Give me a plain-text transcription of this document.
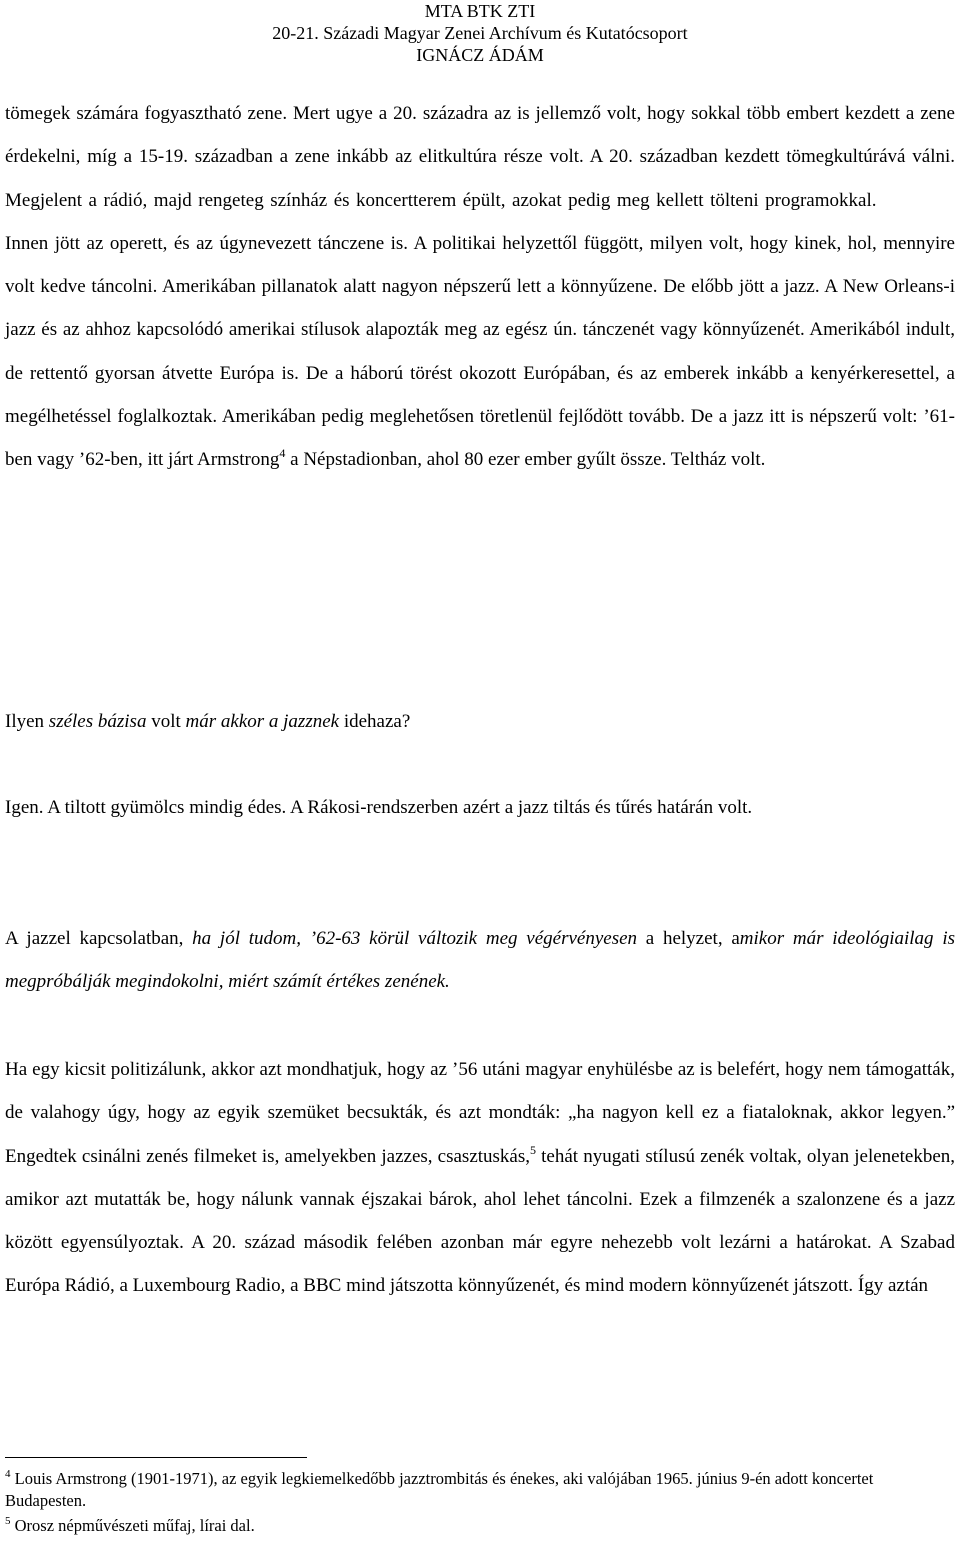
MTA BTK ZTI
20-21. Századi Magyar Zenei Archívum és Kutatócsoport
IGNÁCZ ÁDÁM

tömegek számára fogyasztható zene. Mert ugye a 20. századra az is jellemző volt, hogy sokkal több embert kezdett a zene érdekelni, míg a 15-19. században a zene inkább az elitkultúra része volt. A 20. században kezdett tömegkultúrává válni. Megjelent a rádió, majd rengeteg színház és koncertterem épült, azokat pedig meg kellett tölteni programokkal. Innen jött az operett, és az úgynevezett tánczene is. A politikai helyzettől függött, milyen volt, hogy kinek, hol, mennyire volt kedve táncolni. Amerikában pillanatok alatt nagyon népszerű lett a könnyűzene. De előbb jött a jazz. A New Orleans-i jazz és az ahhoz kapcsolódó amerikai stílusok alapozták meg az egész ún. tánczenét vagy könnyűzenét. Amerikából indult, de rettentő gyorsan átvette Európa is. De a háború törést okozott Európában, és az emberek inkább a kenyérkeresettel, a megélhetéssel foglalkoztak. Amerikában pedig meglehetősen töretlenül fejlődött tovább. De a jazz itt is népszerű volt: ’61-ben vagy ’62-ben, itt járt Armstrong$^4$ a Népstadionban, ahol 80 ezer ember gyűlt össze. Teltház volt.

Ilyen széles bázisa volt már akkor a jazznek idehaza?

Igen. A tiltott gyümölcs mindig édes. A Rákosi-rendszerben azért a jazz tiltás és tűrés határán volt.

A jazzel kapcsolatban, ha jól tudom, ’62-63 körül változik meg végérvényesen a helyzet, amikor már ideológiailag is megpróbálják megindokolni, miért számít értékes zenének.

Ha egy kicsit politizálunk, akkor azt mondhatjuk, hogy az ’56 utáni magyar enyhülésbe az is belefért, hogy nem támogatták, de valahogy úgy, hogy az egyik szemüket becsukták, és azt mondták: „ha nagyon kell ez a fiataloknak, akkor legyen.” Engedtek csinálni zenés filmeket is, amelyekben jazzes, csasztuskás,$^5$ tehát nyugati stílusú zenék voltak, olyan jelenetekben, amikor azt mutatták be, hogy nálunk vannak éjszakai bárok, ahol lehet táncolni. Ezek a filmzenék a szalonzene és a jazz között egyensúlyoztak. A 20. század második felében azonban már egyre nehezebb volt lezárni a határokat. A Szabad Európa Rádió, a Luxembourg Radio, a BBC mind játszotta könnyűzenét, és mind modern könnyűzenét játszott. Így aztán

$^4$ Louis Armstrong (1901-1971), az egyik legkiemelkedőbb jazztrombitás és énekes, aki valójában 1965. június 9-én adott koncertet Budapesten.

$^5$ Orosz népművészeti műfaj, lírai dal.
